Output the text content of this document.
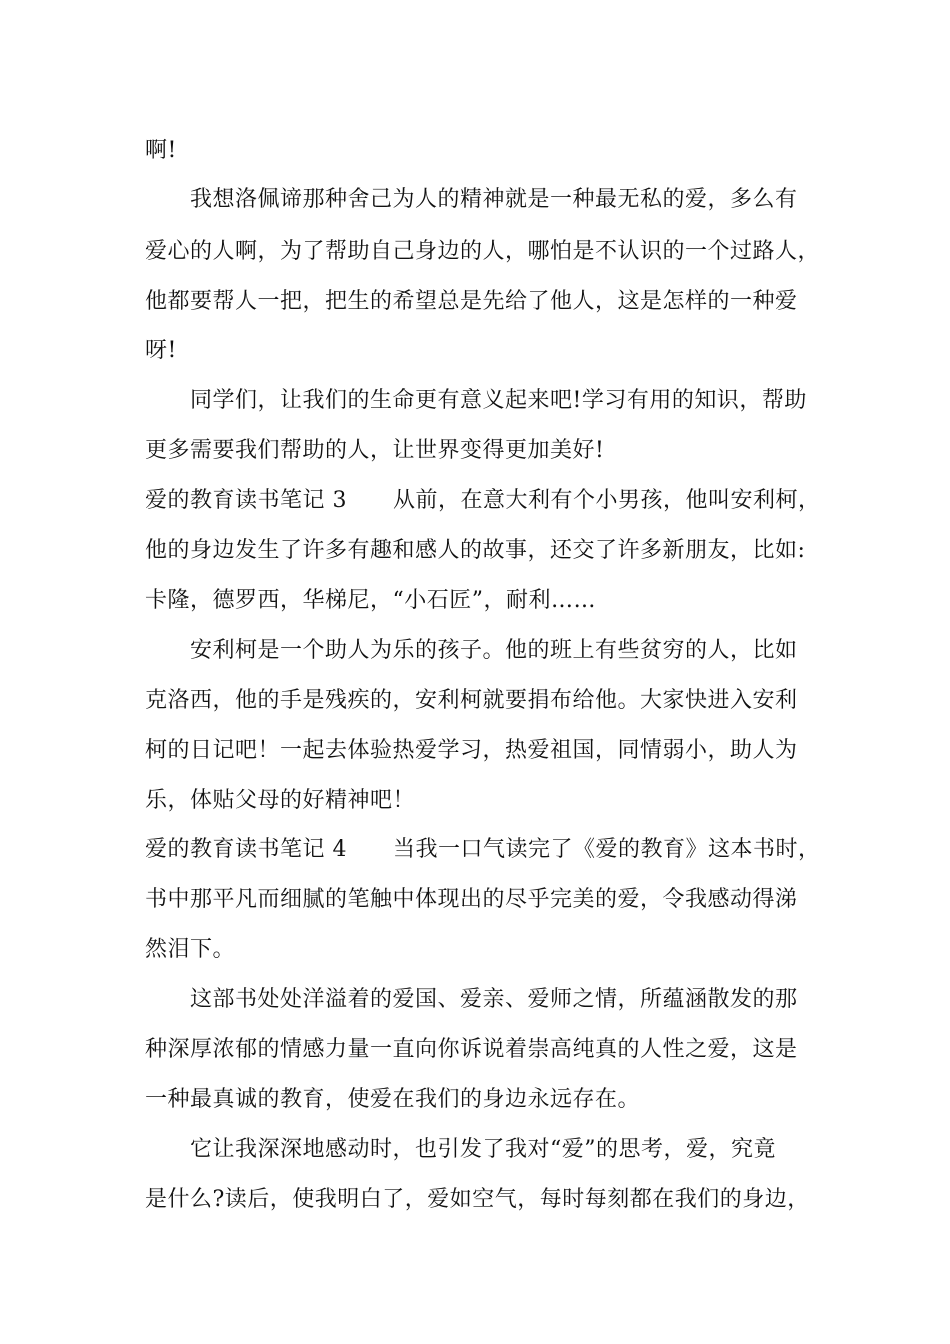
啊!
我想洛佩谛那种舍己为人的精神就是一种最无私的爱，多么有
爱心的人啊，为了帮助自己身边的人，哪怕是不认识的一个过路人，
他都要帮人一把，把生的希望总是先给了他人，这是怎样的一种爱
呀!
同学们，让我们的生命更有意义起来吧!学习有用的知识，帮助
更多需要我们帮助的人，让世界变得更加美好!
爱的教育读书笔记 3 从前，在意大利有个小男孩，他叫安利柯，
他的身边发生了许多有趣和感人的故事，还交了许多新朋友，比如:
卡隆，德罗西，华梯尼，“小石匠”，耐利……
安利柯是一个助人为乐的孩子。他的班上有些贫穷的人，比如
克洛西，他的手是残疾的，安利柯就要捐布给他。大家快进入安利
柯的日记吧！一起去体验热爱学习，热爱祖国，同情弱小，助人为
乐，体贴父母的好精神吧！
爱的教育读书笔记 4 当我一口气读完了《爱的教育》这本书时，
书中那平凡而细腻的笔触中体现出的尽乎完美的爱，令我感动得涕
然泪下。
这部书处处洋溢着的爱国、爱亲、爱师之情，所蕴涵散发的那
种深厚浓郁的情感力量一直向你诉说着崇高纯真的人性之爱，这是
一种最真诚的教育，使爱在我们的身边永远存在。
它让我深深地感动时，也引发了我对“爱”的思考，爱，究竟
是什么?读后，使我明白了，爱如空气，每时每刻都在我们的身边，
